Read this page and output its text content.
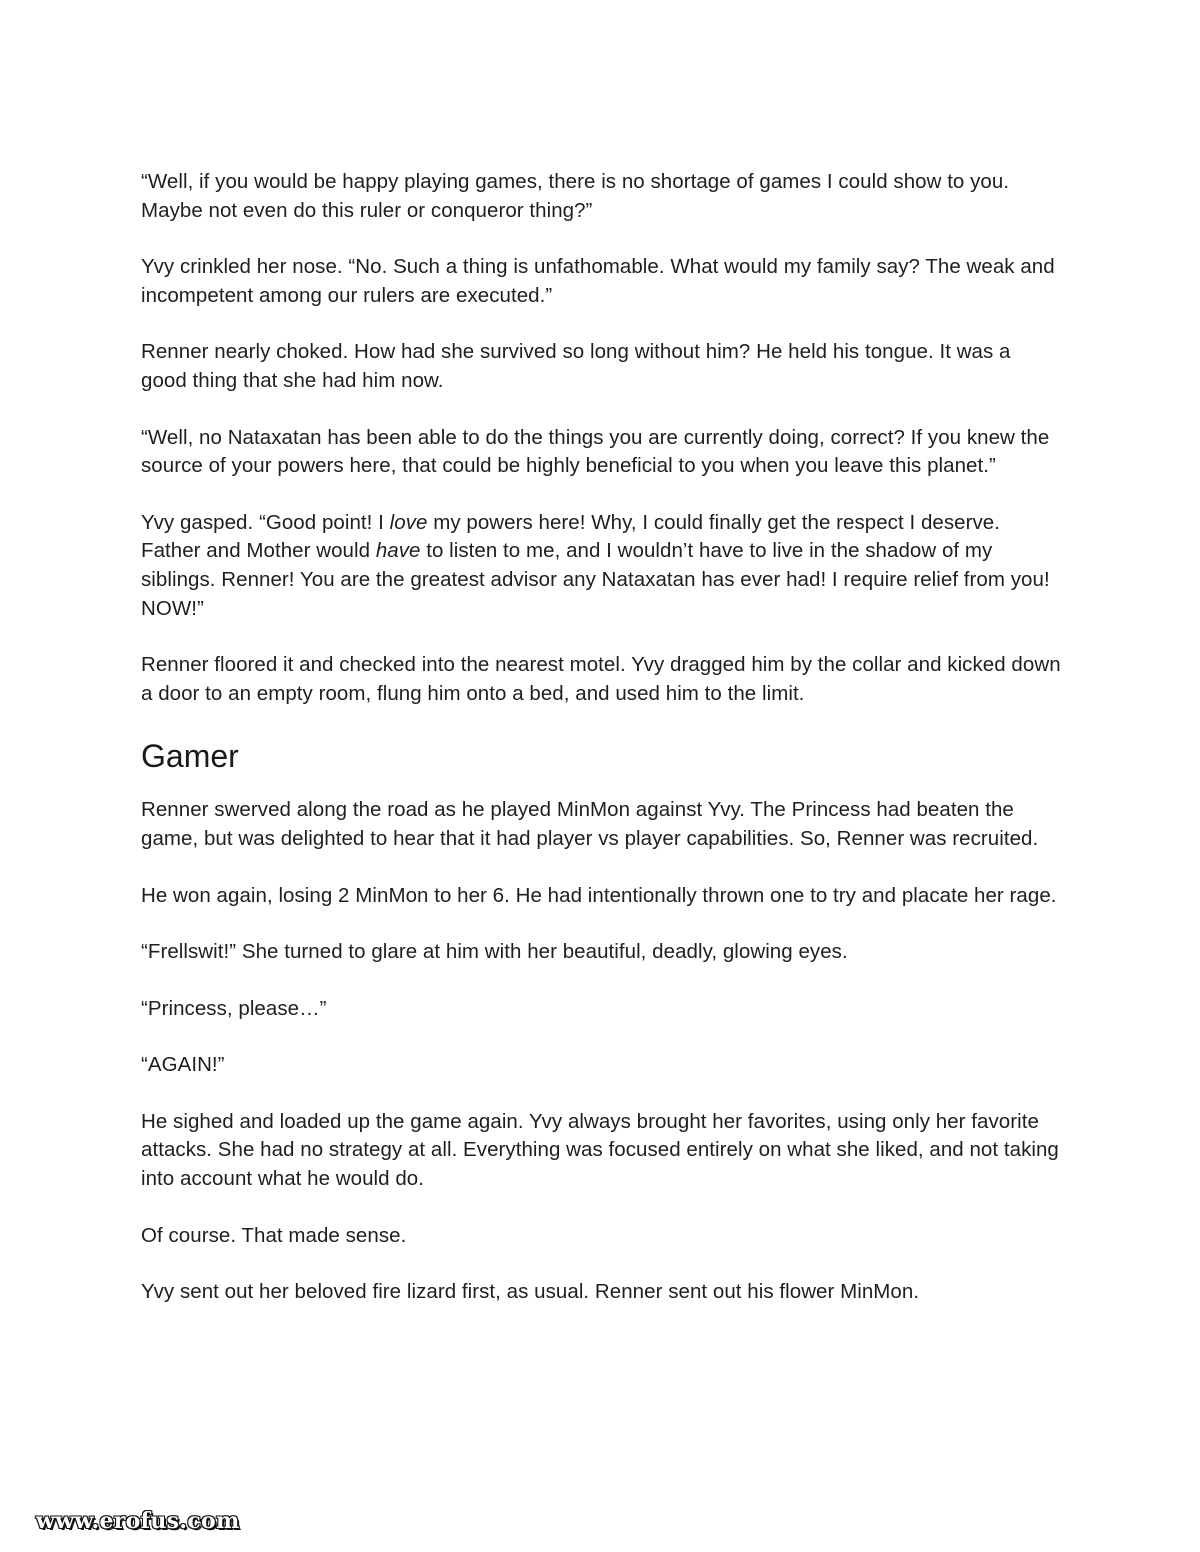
“Well, if you would be happy playing games, there is no shortage of games I could show to you. Maybe not even do this ruler or conqueror thing?”

Yvy crinkled her nose. “No. Such a thing is unfathomable. What would my family say? The weak and incompetent among our rulers are executed.”

Renner nearly choked. How had she survived so long without him? He held his tongue. It was a good thing that she had him now.

“Well, no Nataxatan has been able to do the things you are currently doing, correct? If you knew the source of your powers here, that could be highly beneficial to you when you leave this planet.”

Yvy gasped. “Good point! I love my powers here! Why, I could finally get the respect I deserve. Father and Mother would have to listen to me, and I wouldn’t have to live in the shadow of my siblings. Renner! You are the greatest advisor any Nataxatan has ever had! I require relief from you! NOW!”

Renner floored it and checked into the nearest motel. Yvy dragged him by the collar and kicked down a door to an empty room, flung him onto a bed, and used him to the limit.

Gamer

Renner swerved along the road as he played MinMon against Yvy. The Princess had beaten the game, but was delighted to hear that it had player vs player capabilities. So, Renner was recruited.

He won again, losing 2 MinMon to her 6. He had intentionally thrown one to try and placate her rage.

“Frellswit!” She turned to glare at him with her beautiful, deadly, glowing eyes.

“Princess, please…”

“AGAIN!”

He sighed and loaded up the game again. Yvy always brought her favorites, using only her favorite attacks. She had no strategy at all. Everything was focused entirely on what she liked, and not taking into account what he would do.

Of course. That made sense.

Yvy sent out her beloved fire lizard first, as usual. Renner sent out his flower MinMon.

www.erofus.com
